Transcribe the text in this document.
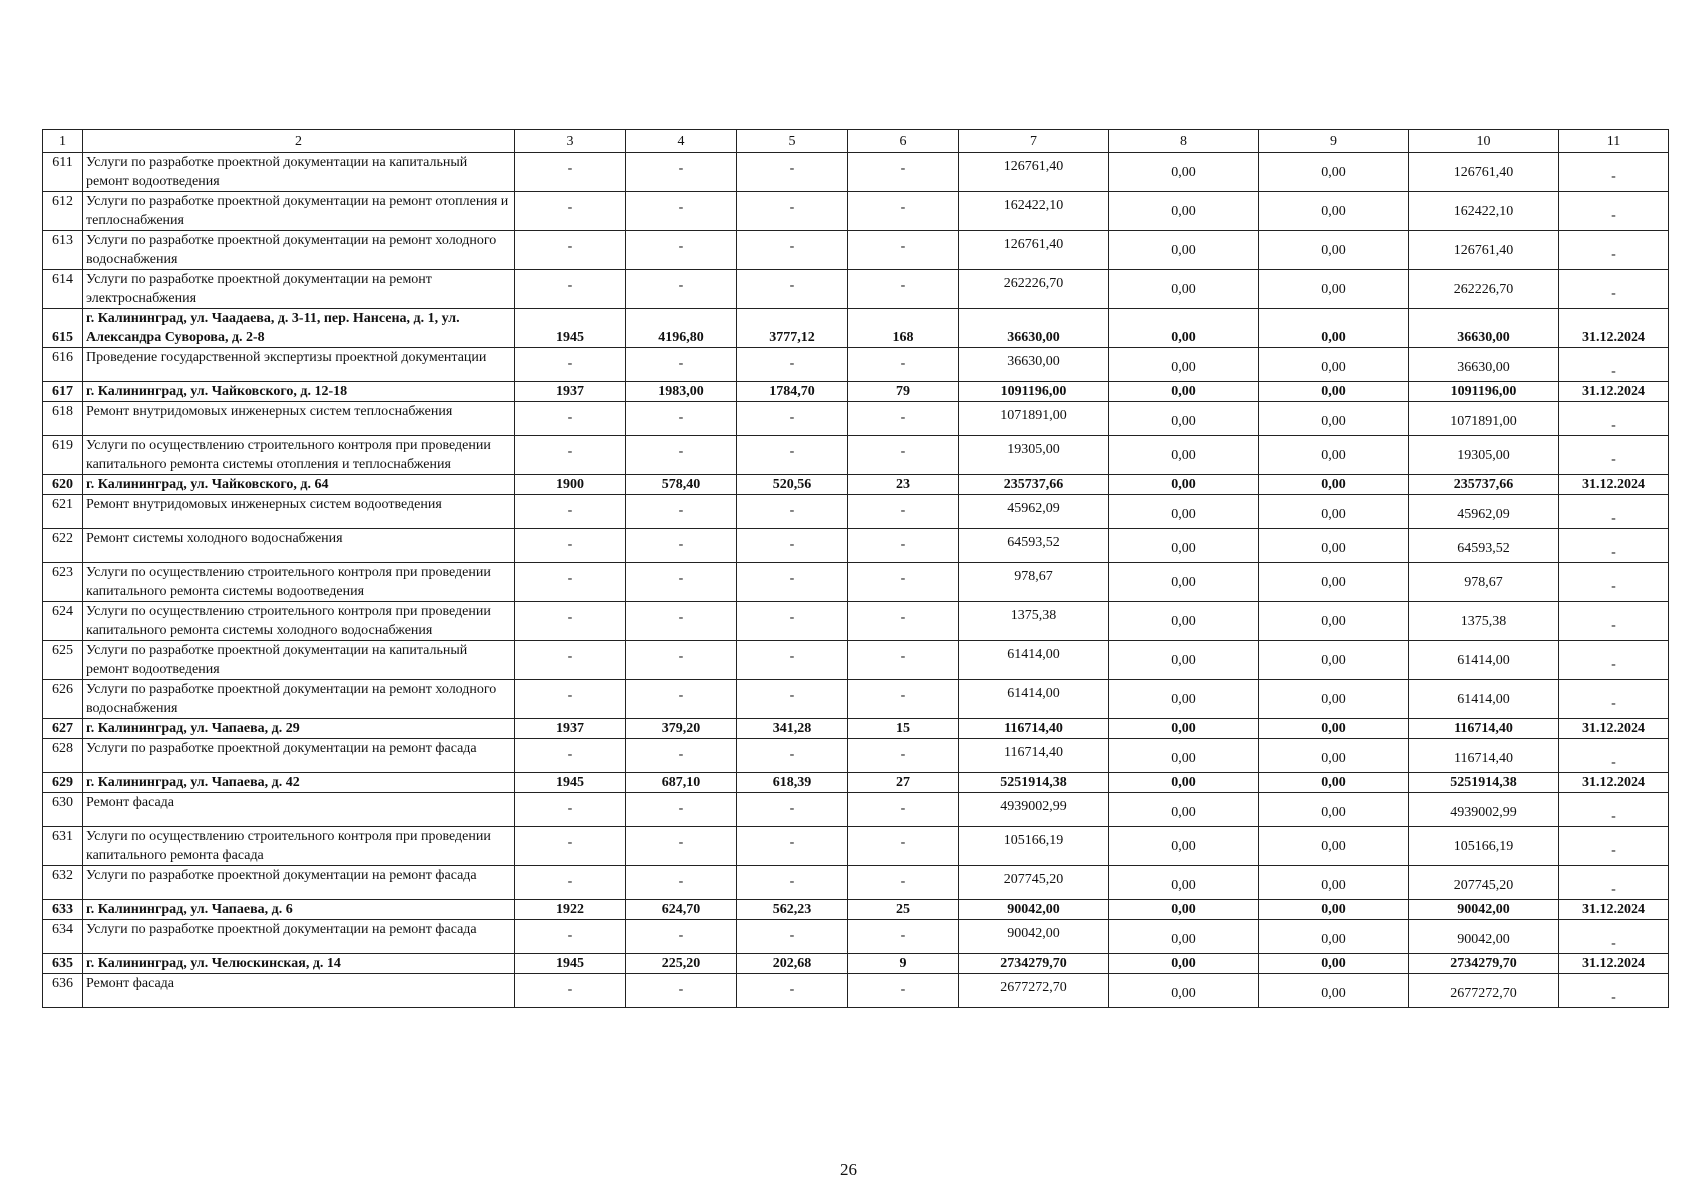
1	2	3	4	5	6	7	8	9	10	11
611	Услуги по разработке проектной документации на капитальный ремонт водоотведения	-	-	-	-	126761,40	0,00	0,00	126761,40	-
612	Услуги по разработке проектной документации на ремонт отопления и теплоснабжения	-	-	-	-	162422,10	0,00	0,00	162422,10	-
613	Услуги по разработке проектной документации на ремонт холодного водоснабжения	-	-	-	-	126761,40	0,00	0,00	126761,40	-
614	Услуги по разработке проектной документации на ремонт электроснабжения	-	-	-	-	262226,70	0,00	0,00	262226,70	-
615	г. Калининград, ул. Чаадаева, д. 3-11, пер. Нансена, д. 1, ул. Александра Суворова, д. 2-8	1945	4196,80	3777,12	168	36630,00	0,00	0,00	36630,00	31.12.2024
616	Проведение государственной экспертизы проектной документации	-	-	-	-	36630,00	0,00	0,00	36630,00	-
617	г. Калининград, ул. Чайковского, д. 12-18	1937	1983,00	1784,70	79	1091196,00	0,00	0,00	1091196,00	31.12.2024
618	Ремонт внутридомовых инженерных систем теплоснабжения	-	-	-	-	1071891,00	0,00	0,00	1071891,00	-
619	Услуги по осуществлению строительного контроля при проведении капитального ремонта системы отопления и теплоснабжения	-	-	-	-	19305,00	0,00	0,00	19305,00	-
620	г. Калининград, ул. Чайковского, д. 64	1900	578,40	520,56	23	235737,66	0,00	0,00	235737,66	31.12.2024
621	Ремонт внутридомовых инженерных систем водоотведения	-	-	-	-	45962,09	0,00	0,00	45962,09	-
622	Ремонт системы холодного водоснабжения	-	-	-	-	64593,52	0,00	0,00	64593,52	-
623	Услуги по осуществлению строительного контроля при проведении капитального ремонта системы водоотведения	-	-	-	-	978,67	0,00	0,00	978,67	-
624	Услуги по осуществлению строительного контроля при проведении капитального ремонта системы холодного водоснабжения	-	-	-	-	1375,38	0,00	0,00	1375,38	-
625	Услуги по разработке проектной документации на капитальный ремонт водоотведения	-	-	-	-	61414,00	0,00	0,00	61414,00	-
626	Услуги по разработке проектной документации на ремонт холодного водоснабжения	-	-	-	-	61414,00	0,00	0,00	61414,00	-
627	г. Калининград, ул. Чапаева, д. 29	1937	379,20	341,28	15	116714,40	0,00	0,00	116714,40	31.12.2024
628	Услуги по разработке проектной документации на ремонт фасада	-	-	-	-	116714,40	0,00	0,00	116714,40	-
629	г. Калининград, ул. Чапаева, д. 42	1945	687,10	618,39	27	5251914,38	0,00	0,00	5251914,38	31.12.2024
630	Ремонт фасада	-	-	-	-	4939002,99	0,00	0,00	4939002,99	-
631	Услуги по осуществлению строительного контроля при проведении капитального ремонта фасада	-	-	-	-	105166,19	0,00	0,00	105166,19	-
632	Услуги по разработке проектной документации на ремонт фасада	-	-	-	-	207745,20	0,00	0,00	207745,20	-
633	г. Калининград, ул. Чапаева, д. 6	1922	624,70	562,23	25	90042,00	0,00	0,00	90042,00	31.12.2024
634	Услуги по разработке проектной документации на ремонт фасада	-	-	-	-	90042,00	0,00	0,00	90042,00	-
635	г. Калининград, ул. Челюскинская, д. 14	1945	225,20	202,68	9	2734279,70	0,00	0,00	2734279,70	31.12.2024
636	Ремонт фасада	-	-	-	-	2677272,70	0,00	0,00	2677272,70	-
26
